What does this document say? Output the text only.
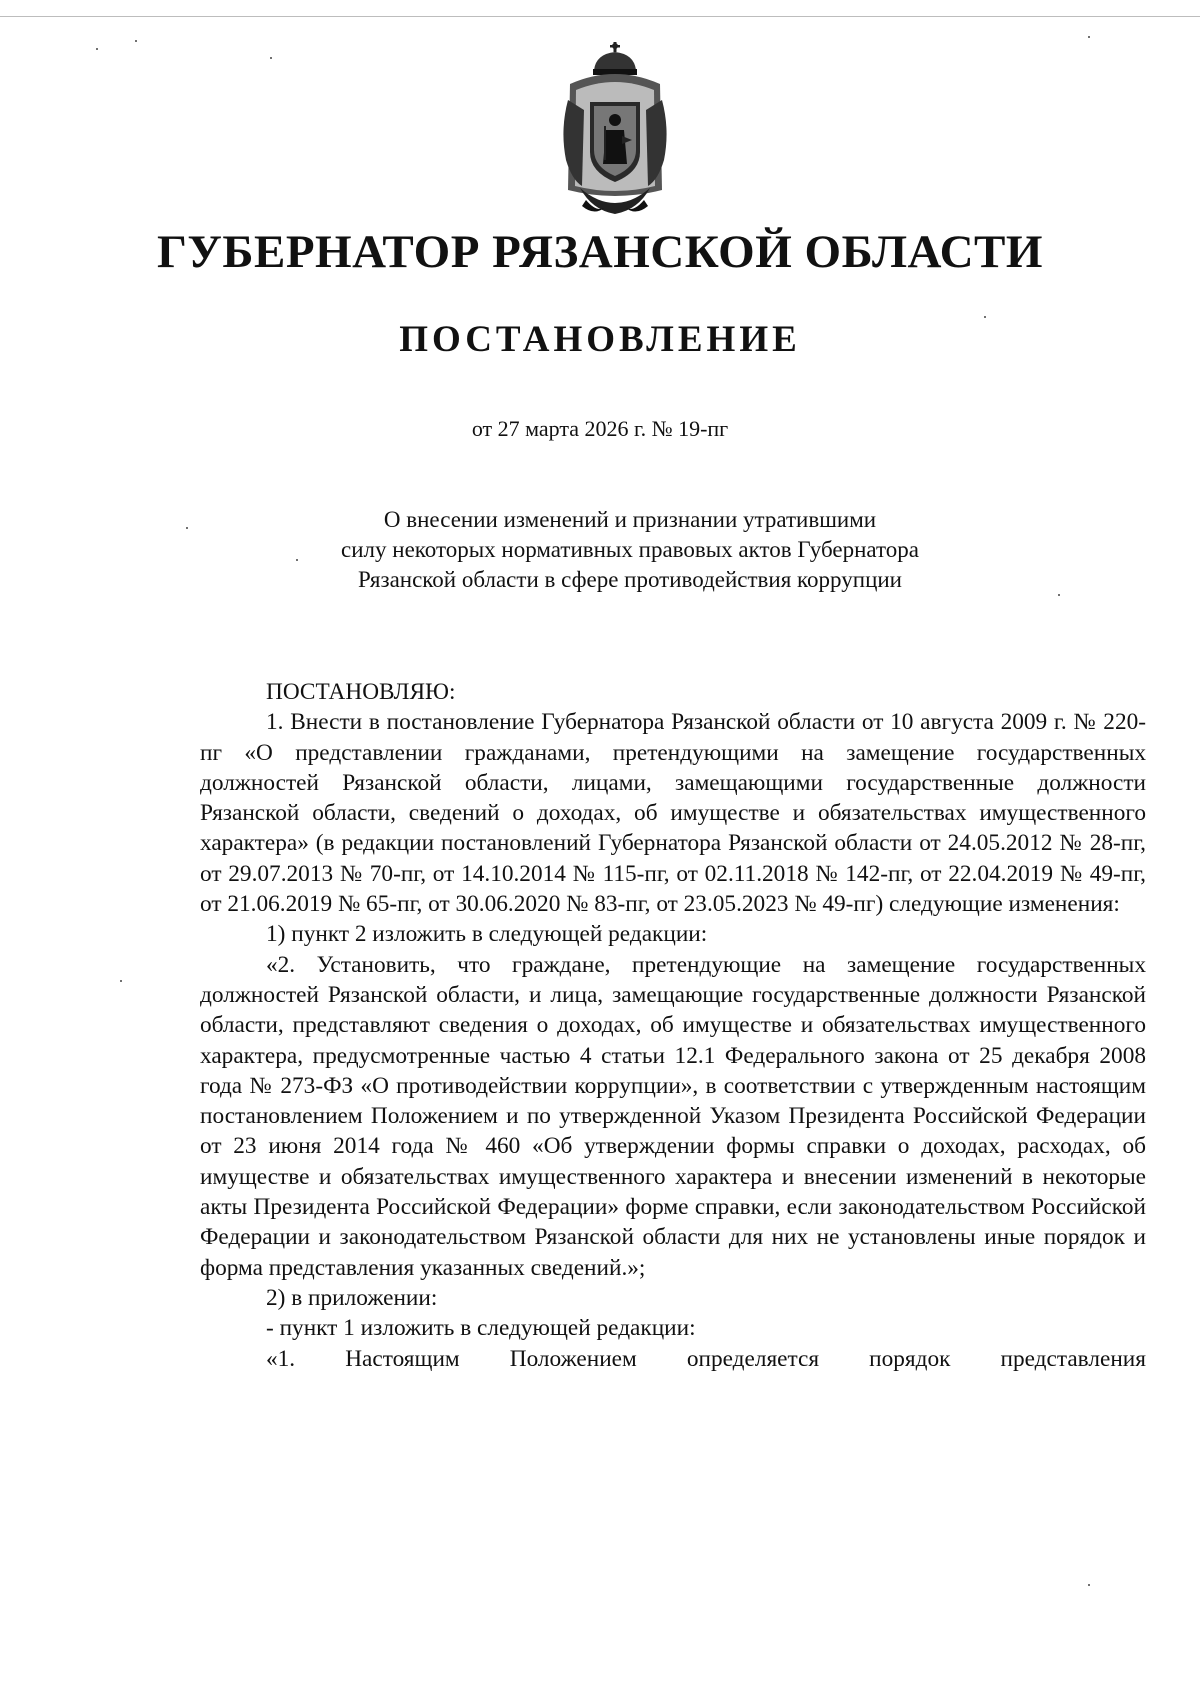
ГУБЕРНАТОР РЯЗАНСКОЙ ОБЛАСТИ
ПОСТАНОВЛЕНИЕ
от 27 марта 2026 г. № 19-пг
О внесении изменений и признании утратившими
силу некоторых нормативных правовых актов Губернатора
Рязанской области в сфере противодействия коррупции

ПОСТАНОВЛЯЮ:

1. Внести в постановление Губернатора Рязанской области от 10 августа 2009 г. № 220-пг «О представлении гражданами, претендующими на замещение государственных должностей Рязанской области, лицами, замещающими государственные должности Рязанской области, сведений о доходах, об имуществе и обязательствах имущественного характера» (в редакции постановлений Губернатора Рязанской области от 24.05.2012 № 28-пг, от 29.07.2013 № 70-пг, от 14.10.2014 № 115-пг, от 02.11.2018 № 142-пг, от 22.04.2019 № 49-пг, от 21.06.2019 № 65-пг, от 30.06.2020 № 83-пг, от 23.05.2023 № 49-пг) следующие изменения:

1) пункт 2 изложить в следующей редакции:

«2. Установить, что граждане, претендующие на замещение государственных должностей Рязанской области, и лица, замещающие государственные должности Рязанской области, представляют сведения о доходах, об имуществе и обязательствах имущественного характера, предусмотренные частью 4 статьи 12.1 Федерального закона от 25 декабря 2008 года № 273-ФЗ «О противодействии коррупции», в соответствии с утвержденным настоящим постановлением Положением и по утвержденной Указом Президента Российской Федерации от 23 июня 2014 года № 460 «Об утверждении формы справки о доходах, расходах, об имуществе и обязательствах имущественного характера и внесении изменений в некоторые акты Президента Российской Федерации» форме справки, если законодательством Российской Федерации и законодательством Рязанской области для них не установлены иные порядок и форма представления указанных сведений.»;

2) в приложении:

- пункт 1 изложить в следующей редакции:

«1. Настоящим Положением определяется порядок представления
